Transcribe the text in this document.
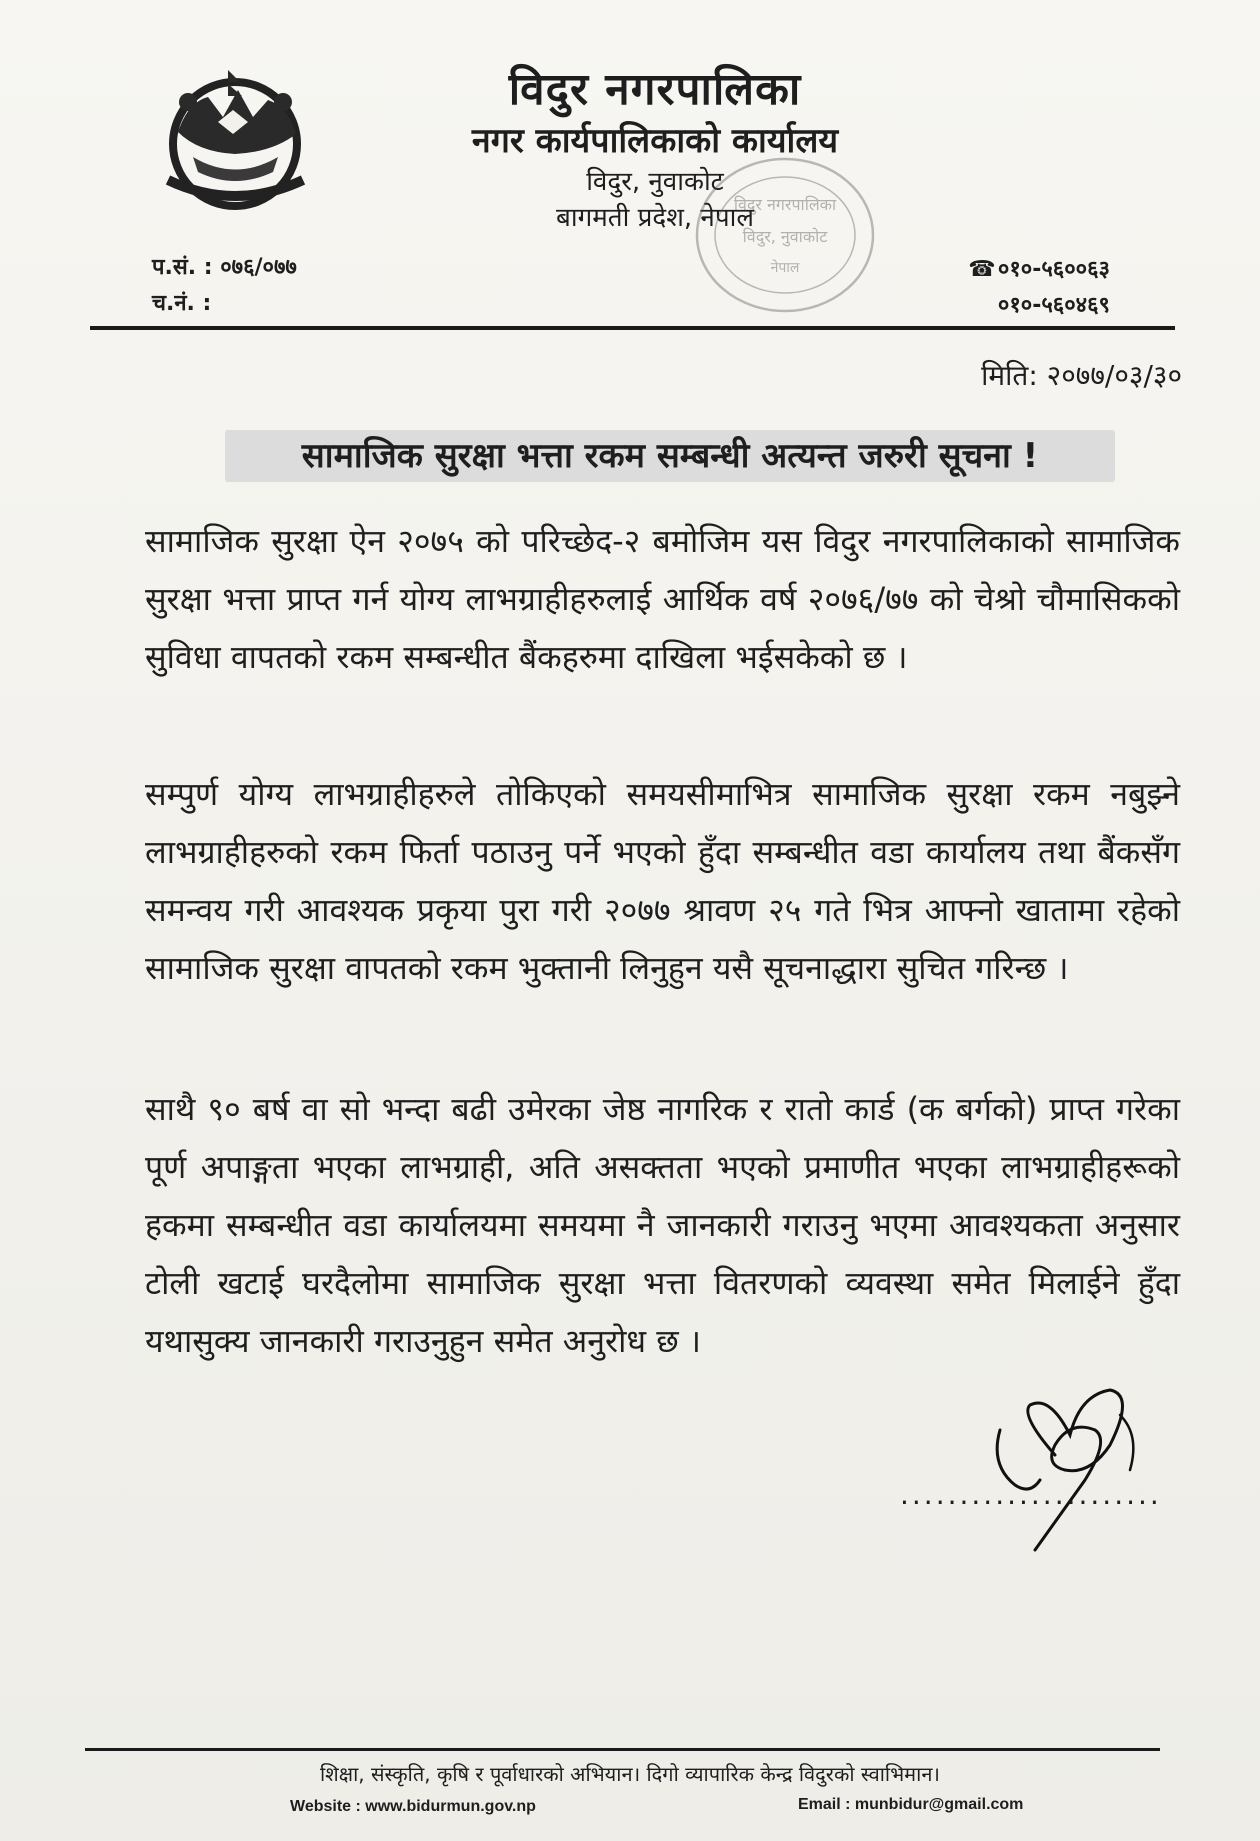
विदुर नगरपालिका
नगर कार्यपालिकाको कार्यालय
विदुर, नुवाकोट
बागमती प्रदेश, नेपाल
विदुर नगरपालिका
विदुर, नुवाकोट
नेपाल
प.सं. : ०७६/०७७
च.नं. :
☎ ०१०-५६००६३
०१०-५६०४६९
मिति: २०७७/०३/३०
सामाजिक सुरक्षा भत्ता रकम सम्बन्धी अत्यन्त जरुरी सूचना !

सामाजिक सुरक्षा ऐन २०७५ को परिच्छेद-२ बमोजिम यस विदुर नगरपालिकाको सामाजिक सुरक्षा भत्ता प्राप्त गर्न योग्य लाभग्राहीहरुलाई आर्थिक वर्ष २०७६/७७ को चेश्रो चौमासिकको सुविधा वापतको रकम सम्बन्धीत बैंकहरुमा दाखिला भईसकेको छ ।

सम्पुर्ण योग्य लाभग्राहीहरुले तोकिएको समयसीमाभित्र सामाजिक सुरक्षा रकम नबुझ्ने लाभग्राहीहरुको रकम फिर्ता पठाउनु पर्ने भएको हुँदा सम्बन्धीत वडा कार्यालय तथा बैंकसँग समन्वय गरी आवश्यक प्रकृया पुरा गरी २०७७ श्रावण २५ गते भित्र आफ्नो खातामा रहेको सामाजिक सुरक्षा वापतको रकम भुक्तानी लिनुहुन यसै सूचनाद्धारा सुचित गरिन्छ ।

साथै ९० बर्ष वा सो भन्दा बढी उमेरका जेष्ठ नागरिक र रातो कार्ड (क बर्गको) प्राप्त गरेका पूर्ण अपाङ्गता भएका लाभग्राही, अति असक्तता भएको प्रमाणीत भएका लाभग्राहीहरूको हकमा सम्बन्धीत वडा कार्यालयमा समयमा नै जानकारी गराउनु भएमा आवश्यकता अनुसार टोली खटाई घरदैलोमा सामाजिक सुरक्षा भत्ता वितरणको व्यवस्था समेत मिलाईने हुँदा यथासुक्य जानकारी गराउनुहुन समेत अनुरोध छ ।

......................
शिक्षा, संस्कृति, कृषि र पूर्वाधारको अभियान। दिगो व्यापारिक केन्द्र विदुरको स्वाभिमान।
Website : www.bidurmun.gov.np	Email : munbidur@gmail.com
